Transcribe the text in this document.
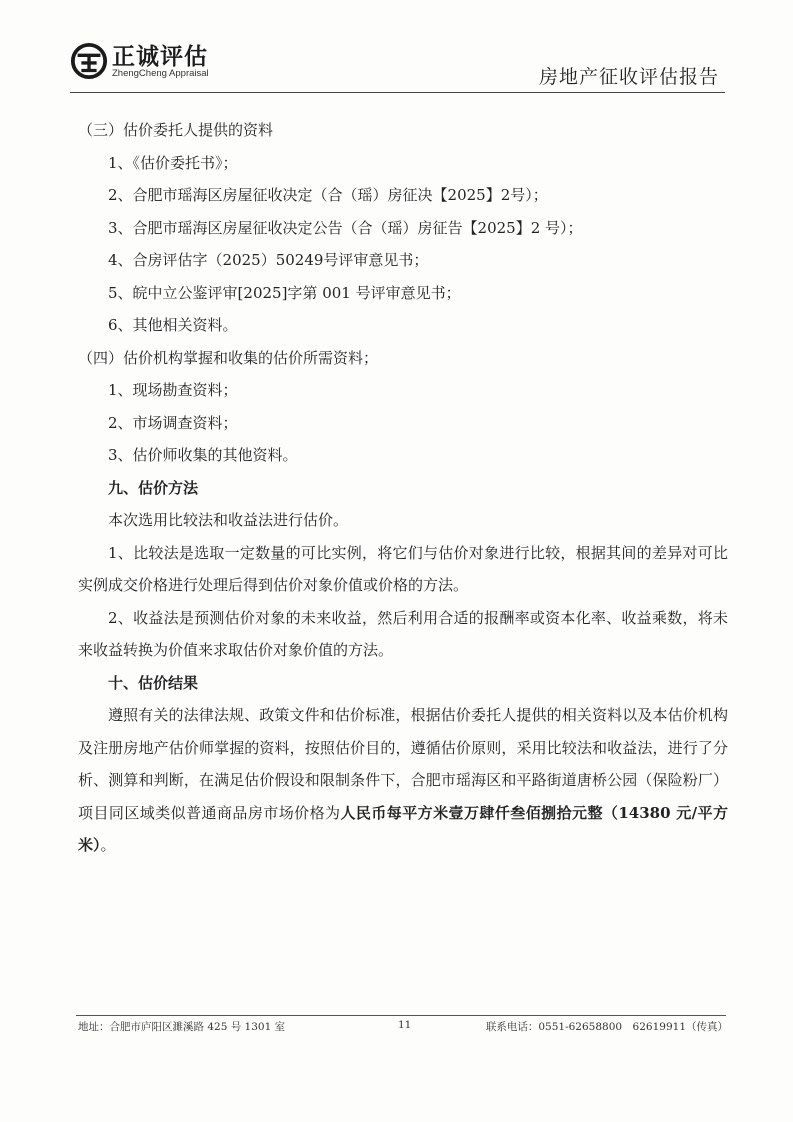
正诚评估
ZhengCheng Appraisal	房地产征收评估报告
（三）估价委托人提供的资料
1、《估价委托书》；
2、合肥市瑶海区房屋征收决定（合（瑶）房征决【2025】2号）；
3、合肥市瑶海区房屋征收决定公告（合（瑶）房征告【2025】2 号）；
4、合房评估字（2025）50249号评审意见书；
5、皖中立公鉴评审[2025]字第 001 号评审意见书；
6、其他相关资料。
（四）估价机构掌握和收集的估价所需资料；
1、现场勘查资料；
2、市场调查资料；
3、估价师收集的其他资料。
九、估价方法
本次选用比较法和收益法进行估价。
1、比较法是选取一定数量的可比实例，将它们与估价对象进行比较，根据其间的差异对可比实例成交价格进行处理后得到估价对象价值或价格的方法。
2、收益法是预测估价对象的未来收益，然后利用合适的报酬率或资本化率、收益乘数，将未来收益转换为价值来求取估价对象价值的方法。
十、估价结果
遵照有关的法律法规、政策文件和估价标准，根据估价委托人提供的相关资料以及本估价机构及注册房地产估价师掌握的资料，按照估价目的，遵循估价原则，采用比较法和收益法，进行了分析、测算和判断，在满足估价假设和限制条件下，合肥市瑶海区和平路街道唐桥公园（保险粉厂）项目同区域类似普通商品房市场价格为人民币每平方米壹万肆仟叁佰捌拾元整（14380 元/平方米）。
地址：合肥市庐阳区濉溪路 425 号 1301 室	11	联系电话：0551-62658800　62619911（传真）
